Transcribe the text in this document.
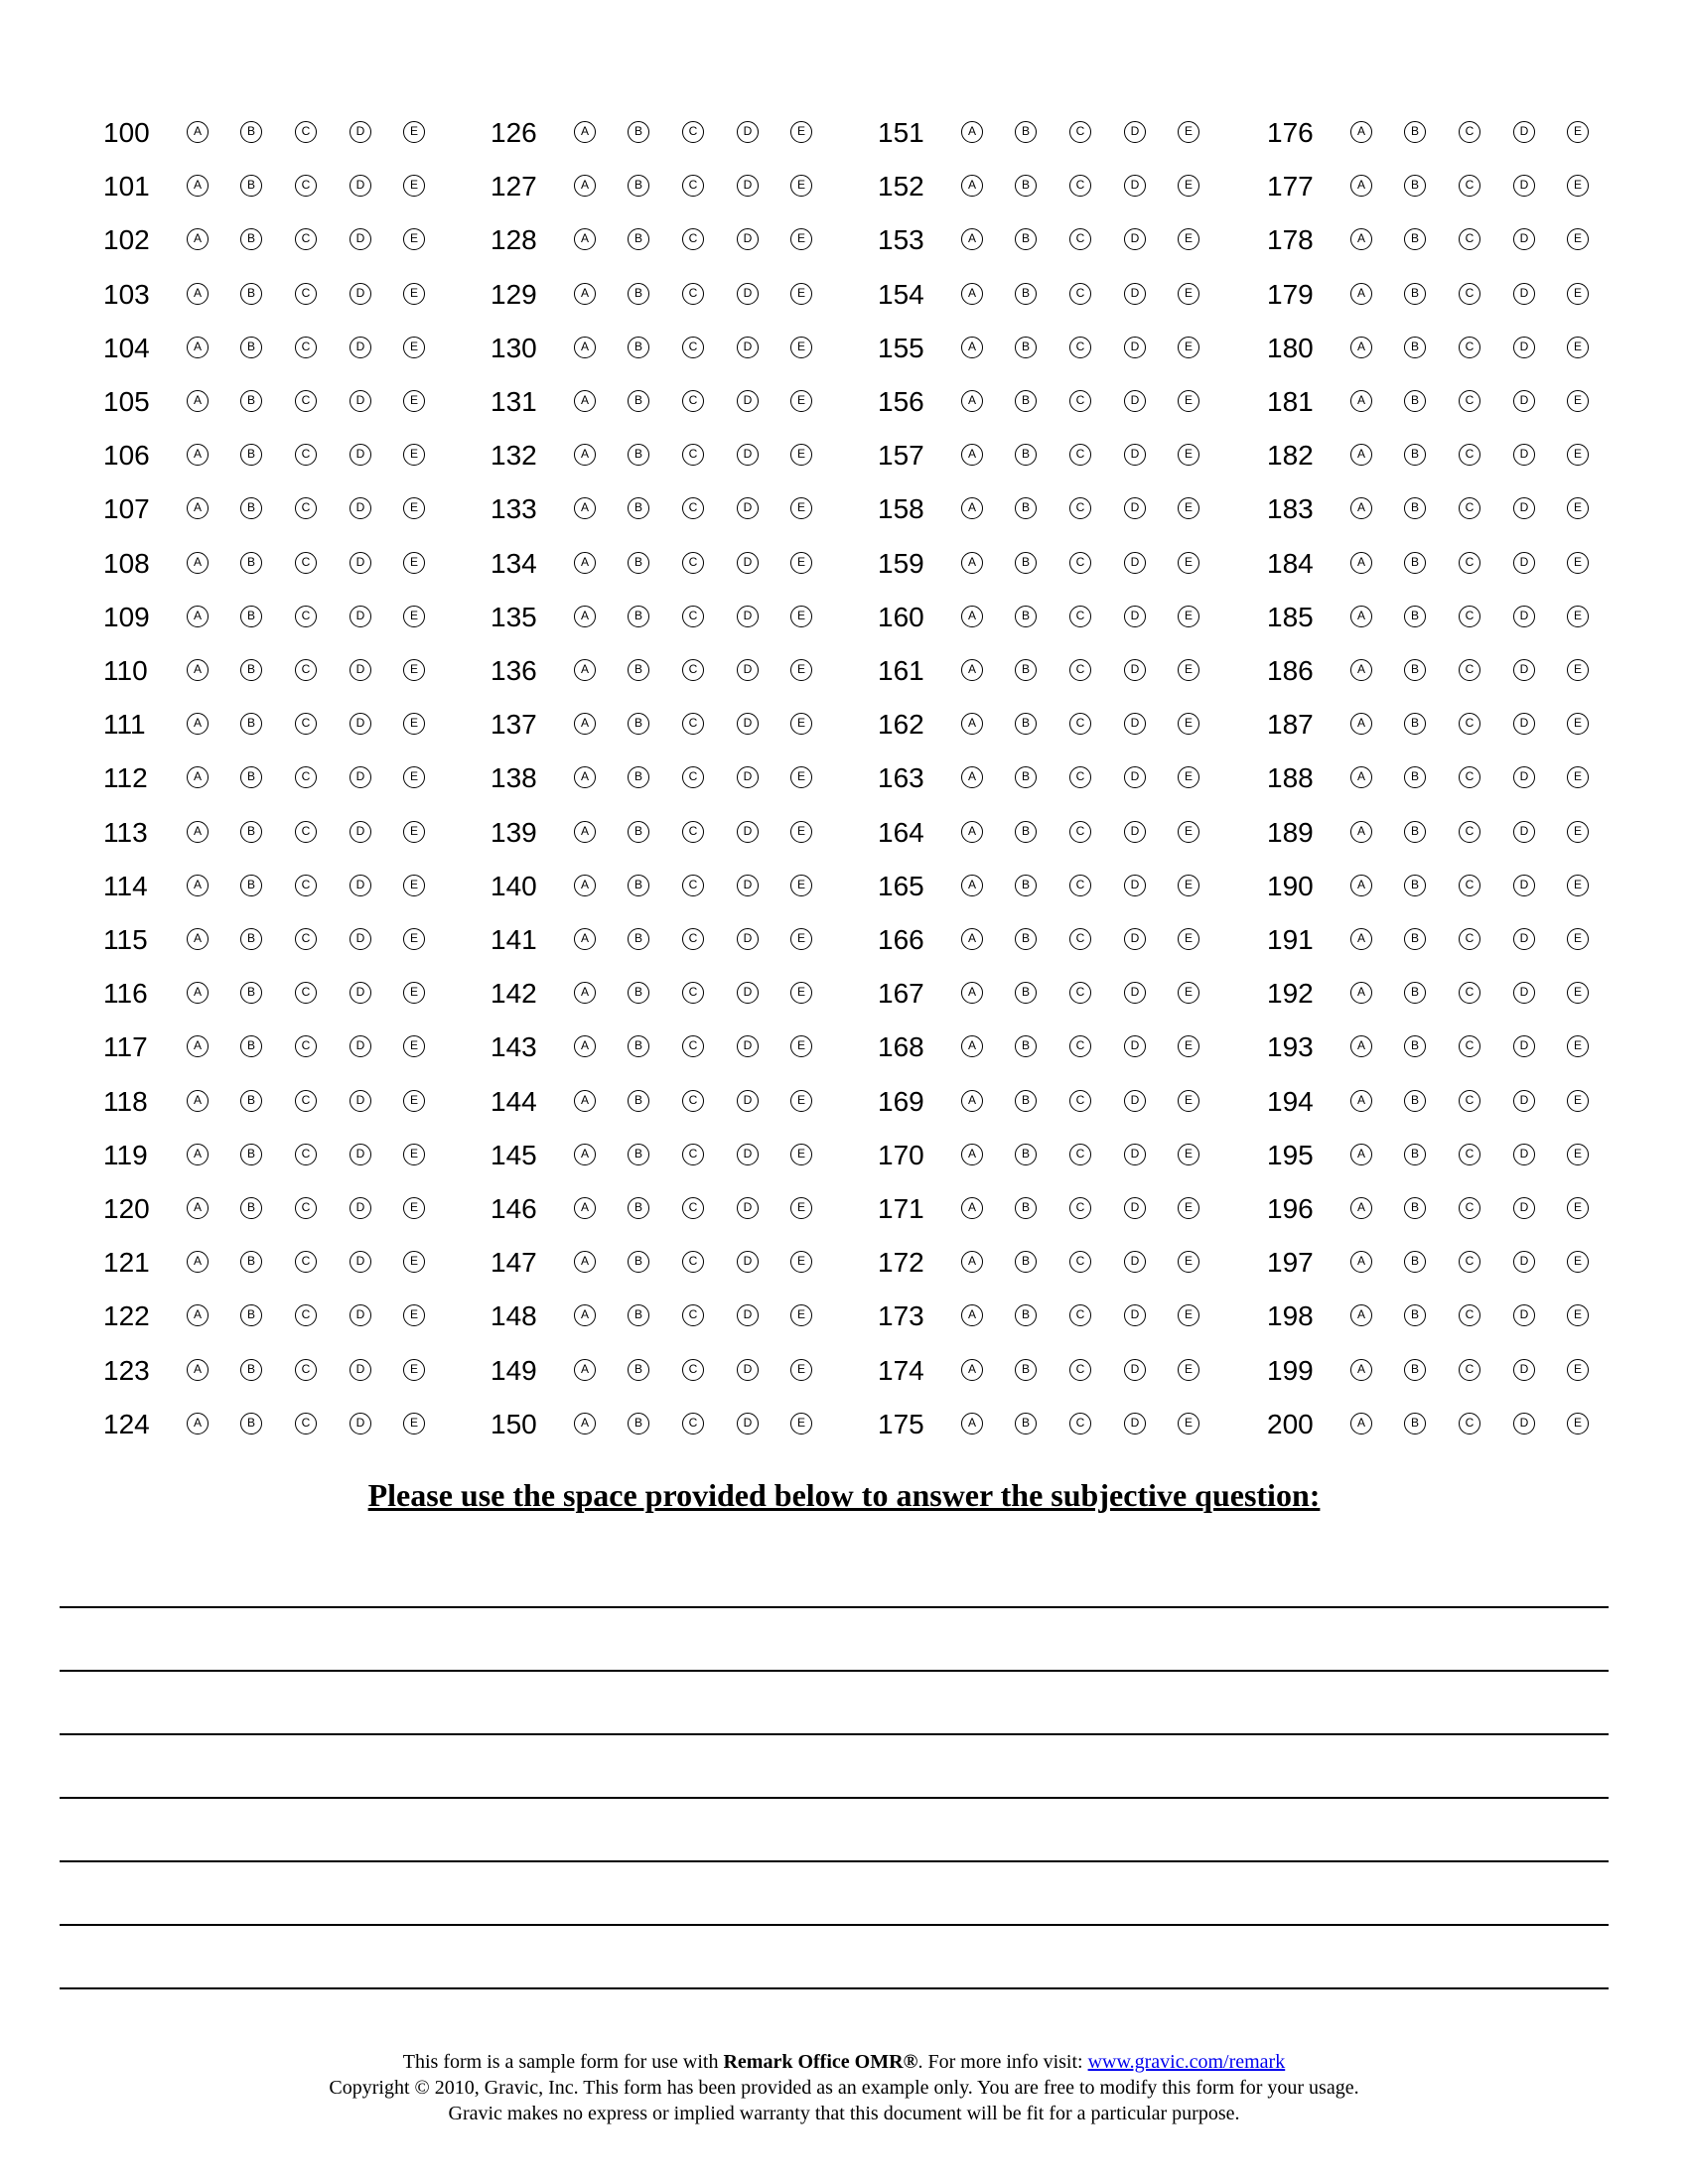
100	A	B	C	D	E
101	A	B	C	D	E
102	A	B	C	D	E
103	A	B	C	D	E
104	A	B	C	D	E
105	A	B	C	D	E
106	A	B	C	D	E
107	A	B	C	D	E
108	A	B	C	D	E
109	A	B	C	D	E
110	A	B	C	D	E
111	A	B	C	D	E
112	A	B	C	D	E
113	A	B	C	D	E
114	A	B	C	D	E
115	A	B	C	D	E
116	A	B	C	D	E
117	A	B	C	D	E
118	A	B	C	D	E
119	A	B	C	D	E
120	A	B	C	D	E
121	A	B	C	D	E
122	A	B	C	D	E
123	A	B	C	D	E
124	A	B	C	D	E
126	A	B	C	D	E
127	A	B	C	D	E
128	A	B	C	D	E
129	A	B	C	D	E
130	A	B	C	D	E
131	A	B	C	D	E
132	A	B	C	D	E
133	A	B	C	D	E
134	A	B	C	D	E
135	A	B	C	D	E
136	A	B	C	D	E
137	A	B	C	D	E
138	A	B	C	D	E
139	A	B	C	D	E
140	A	B	C	D	E
141	A	B	C	D	E
142	A	B	C	D	E
143	A	B	C	D	E
144	A	B	C	D	E
145	A	B	C	D	E
146	A	B	C	D	E
147	A	B	C	D	E
148	A	B	C	D	E
149	A	B	C	D	E
150	A	B	C	D	E
151	A	B	C	D	E
152	A	B	C	D	E
153	A	B	C	D	E
154	A	B	C	D	E
155	A	B	C	D	E
156	A	B	C	D	E
157	A	B	C	D	E
158	A	B	C	D	E
159	A	B	C	D	E
160	A	B	C	D	E
161	A	B	C	D	E
162	A	B	C	D	E
163	A	B	C	D	E
164	A	B	C	D	E
165	A	B	C	D	E
166	A	B	C	D	E
167	A	B	C	D	E
168	A	B	C	D	E
169	A	B	C	D	E
170	A	B	C	D	E
171	A	B	C	D	E
172	A	B	C	D	E
173	A	B	C	D	E
174	A	B	C	D	E
175	A	B	C	D	E
176	A	B	C	D	E
177	A	B	C	D	E
178	A	B	C	D	E
179	A	B	C	D	E
180	A	B	C	D	E
181	A	B	C	D	E
182	A	B	C	D	E
183	A	B	C	D	E
184	A	B	C	D	E
185	A	B	C	D	E
186	A	B	C	D	E
187	A	B	C	D	E
188	A	B	C	D	E
189	A	B	C	D	E
190	A	B	C	D	E
191	A	B	C	D	E
192	A	B	C	D	E
193	A	B	C	D	E
194	A	B	C	D	E
195	A	B	C	D	E
196	A	B	C	D	E
197	A	B	C	D	E
198	A	B	C	D	E
199	A	B	C	D	E
200	A	B	C	D	E
Please use the space provided below to answer the subjective question:
This form is a sample form for use with Remark Office OMR®. For more info visit: www.gravic.com/remark
Copyright © 2010, Gravic, Inc. This form has been provided as an example only. You are free to modify this form for your usage.
Gravic makes no express or implied warranty that this document will be fit for a particular purpose.
